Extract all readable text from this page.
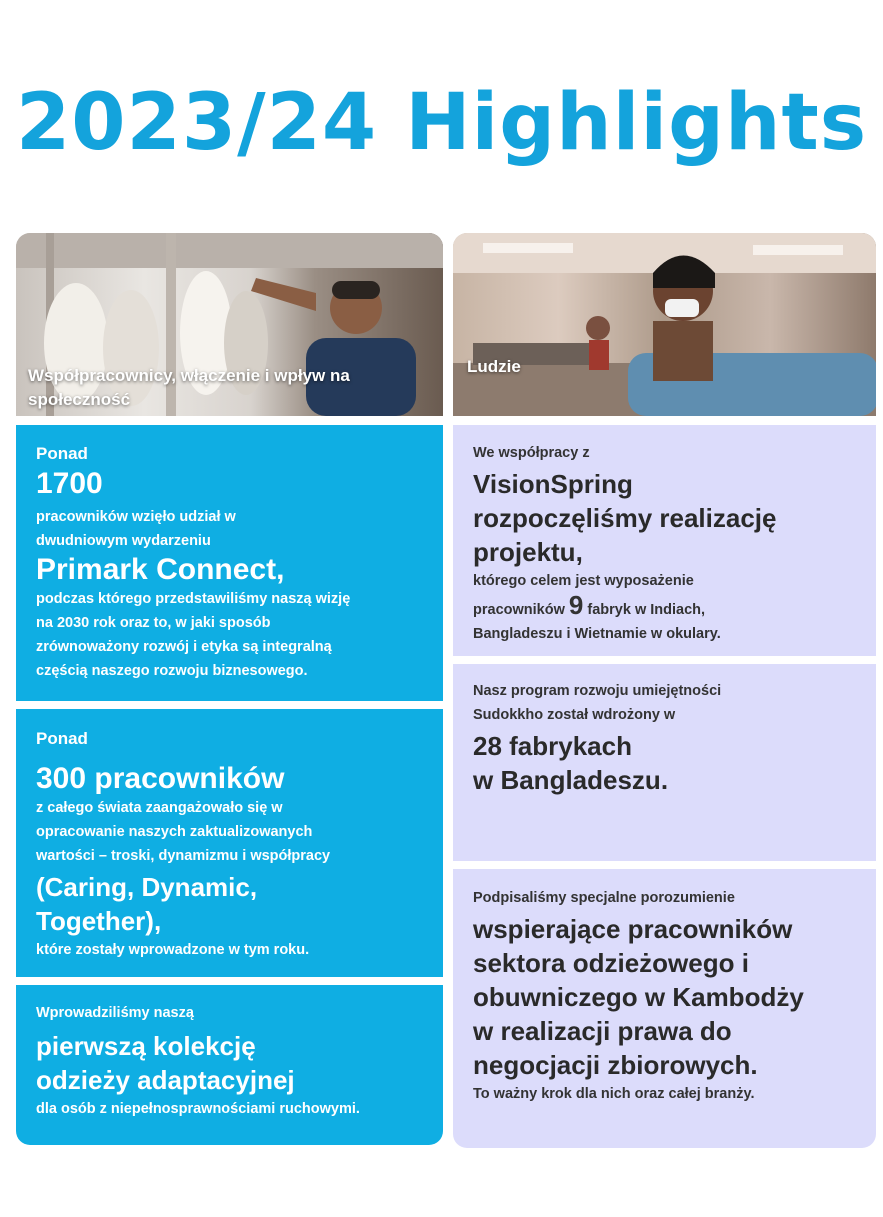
2023/24 Highlights
Współpracownicy, włączenie i wpływ na społeczność
Ludzie
Ponad
1700
pracowników wzięło udział w
dwudniowym wydarzeniu
Primark Connect,
podczas którego przedstawiliśmy naszą wizję
na 2030 rok oraz to, w jaki sposób
zrównoważony rozwój i etyka są integralną
częścią naszego rozwoju biznesowego.
Ponad
300 pracowników
z całego świata zaangażowało się w
opracowanie naszych zaktualizowanych
wartości – troski, dynamizmu i współpracy
(Caring, Dynamic,
Together),
które zostały wprowadzone w tym roku.
Wprowadziliśmy naszą
pierwszą kolekcję
odzieży adaptacyjnej
dla osób z niepełnosprawnościami ruchowymi.
We współpracy z
VisionSpring
rozpoczęliśmy realizację
projektu,
którego celem jest wyposażenie
pracowników 9 fabryk w Indiach,
Bangladeszu i Wietnamie w okulary.
Nasz program rozwoju umiejętności
Sudokkho został wdrożony w
28 fabrykach
w Bangladeszu.
Podpisaliśmy specjalne porozumienie
wspierające pracowników
sektora odzieżowego i
obuwniczego w Kambodży
w realizacji prawa do
negocjacji zbiorowych.
To ważny krok dla nich oraz całej branży.
